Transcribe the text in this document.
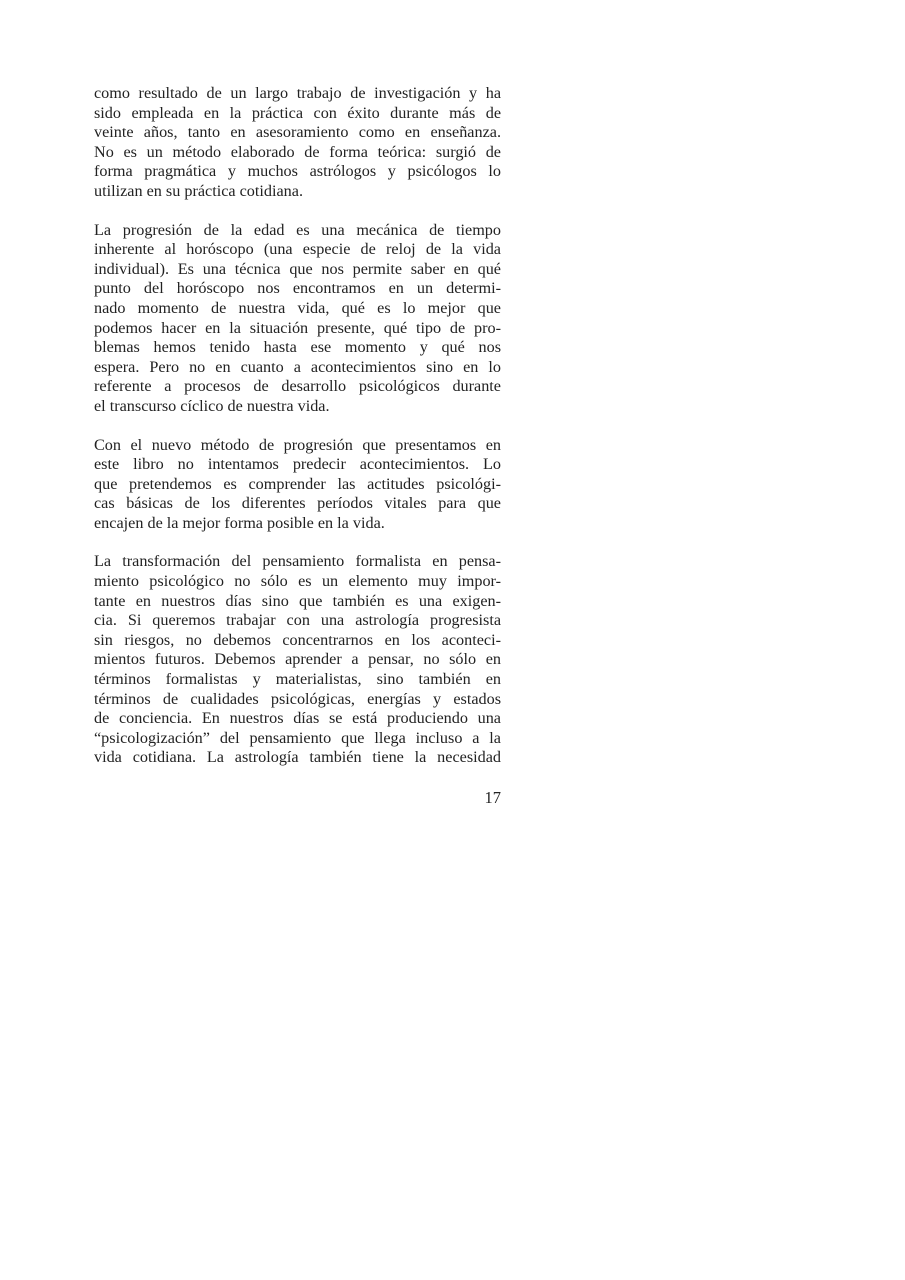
como resultado de un largo trabajo de investigación y ha
sido empleada en la práctica con éxito durante más de
veinte años, tanto en asesoramiento como en enseñanza.
No es un método elaborado de forma teórica: surgió de
forma pragmática y muchos astrólogos y psicólogos lo
utilizan en su práctica cotidiana.

La progresión de la edad es una mecánica de tiempo
inherente al horóscopo (una especie de reloj de la vida
individual). Es una técnica que nos permite saber en qué
punto del horóscopo nos encontramos en un determi-
nado momento de nuestra vida, qué es lo mejor que
podemos hacer en la situación presente, qué tipo de pro-
blemas hemos tenido hasta ese momento y qué nos
espera. Pero no en cuanto a acontecimientos sino en lo
referente a procesos de desarrollo psicológicos durante
el transcurso cíclico de nuestra vida.

Con el nuevo método de progresión que presentamos en
este libro no intentamos predecir acontecimientos. Lo
que pretendemos es comprender las actitudes psicológi-
cas básicas de los diferentes períodos vitales para que
encajen de la mejor forma posible en la vida.

La transformación del pensamiento formalista en pensa-
miento psicológico no sólo es un elemento muy impor-
tante en nuestros días sino que también es una exigen-
cia. Si queremos trabajar con una astrología progresista
sin riesgos, no debemos concentrarnos en los aconteci-
mientos futuros. Debemos aprender a pensar, no sólo en
términos formalistas y materialistas, sino también en
términos de cualidades psicológicas, energías y estados
de conciencia. En nuestros días se está produciendo una
“psicologización” del pensamiento que llega incluso a la
vida cotidiana. La astrología también tiene la necesidad

17
